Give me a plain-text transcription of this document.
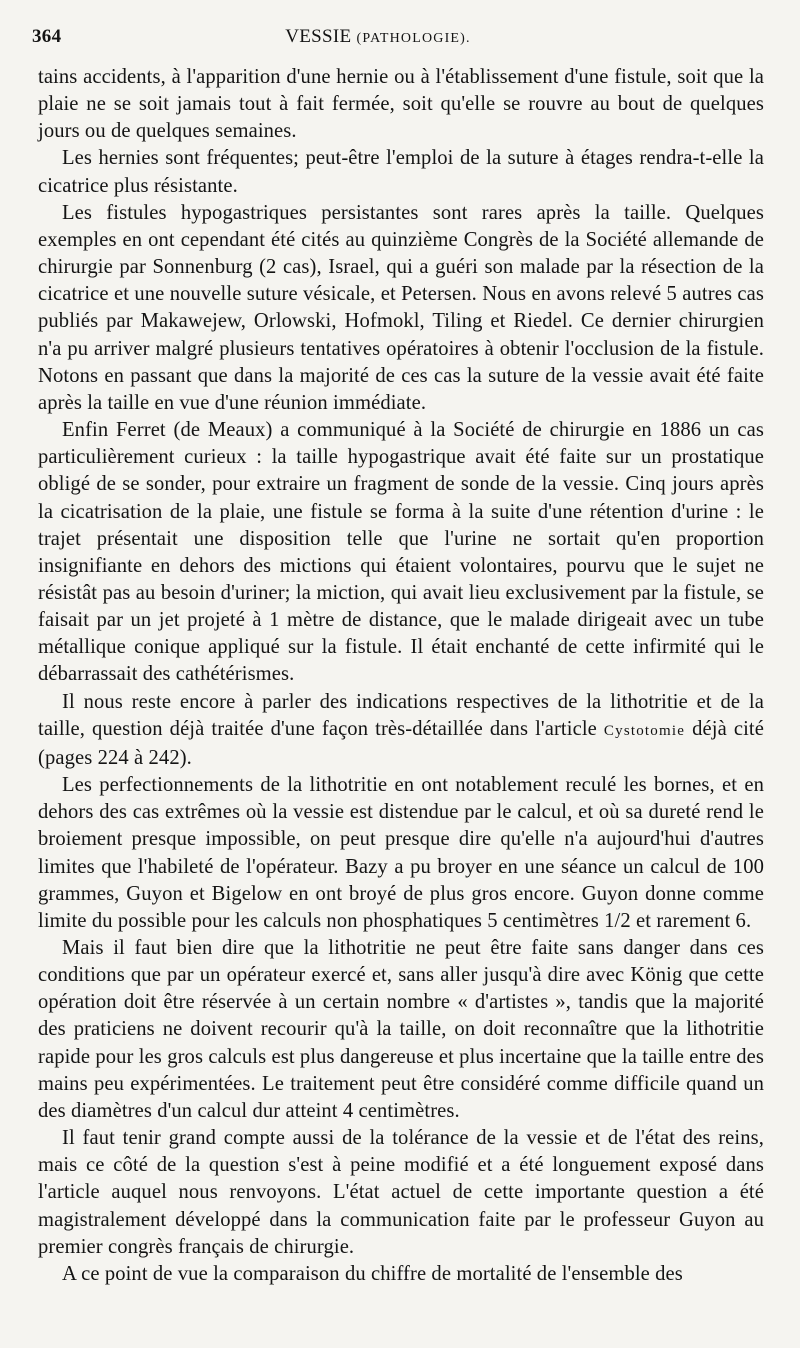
364	VESSIE (PATHOLOGIE).

tains accidents, à l'apparition d'une hernie ou à l'établissement d'une fistule, soit que la plaie ne se soit jamais tout à fait fermée, soit qu'elle se rouvre au bout de quelques jours ou de quelques semaines.

Les hernies sont fréquentes; peut-être l'emploi de la suture à étages rendra-t-elle la cicatrice plus résistante.

Les fistules hypogastriques persistantes sont rares après la taille. Quelques exemples en ont cependant été cités au quinzième Congrès de la Société allemande de chirurgie par Sonnenburg (2 cas), Israel, qui a guéri son malade par la résection de la cicatrice et une nouvelle suture vésicale, et Petersen. Nous en avons relevé 5 autres cas publiés par Makawejew, Orlowski, Hofmokl, Tiling et Riedel. Ce dernier chirurgien n'a pu arriver malgré plusieurs tentatives opératoires à obtenir l'occlusion de la fistule. Notons en passant que dans la majorité de ces cas la suture de la vessie avait été faite après la taille en vue d'une réunion immédiate.

Enfin Ferret (de Meaux) a communiqué à la Société de chirurgie en 1886 un cas particulièrement curieux : la taille hypogastrique avait été faite sur un prostatique obligé de se sonder, pour extraire un fragment de sonde de la vessie. Cinq jours après la cicatrisation de la plaie, une fistule se forma à la suite d'une rétention d'urine : le trajet présentait une disposition telle que l'urine ne sortait qu'en proportion insignifiante en dehors des mictions qui étaient volontaires, pourvu que le sujet ne résistât pas au besoin d'uriner; la miction, qui avait lieu exclusivement par la fistule, se faisait par un jet projeté à 1 mètre de distance, que le malade dirigeait avec un tube métallique conique appliqué sur la fistule. Il était enchanté de cette infirmité qui le débarrassait des cathétérismes.

Il nous reste encore à parler des indications respectives de la lithotritie et de la taille, question déjà traitée d'une façon très-détaillée dans l'article Cystotomie déjà cité (pages 224 à 242).

Les perfectionnements de la lithotritie en ont notablement reculé les bornes, et en dehors des cas extrêmes où la vessie est distendue par le calcul, et où sa dureté rend le broiement presque impossible, on peut presque dire qu'elle n'a aujourd'hui d'autres limites que l'habileté de l'opérateur. Bazy a pu broyer en une séance un calcul de 100 grammes, Guyon et Bigelow en ont broyé de plus gros encore. Guyon donne comme limite du possible pour les calculs non phosphatiques 5 centimètres 1/2 et rarement 6.

Mais il faut bien dire que la lithotritie ne peut être faite sans danger dans ces conditions que par un opérateur exercé et, sans aller jusqu'à dire avec König que cette opération doit être réservée à un certain nombre « d'artistes », tandis que la majorité des praticiens ne doivent recourir qu'à la taille, on doit reconnaître que la lithotritie rapide pour les gros calculs est plus dangereuse et plus incertaine que la taille entre des mains peu expérimentées. Le traitement peut être considéré comme difficile quand un des diamètres d'un calcul dur atteint 4 centimètres.

Il faut tenir grand compte aussi de la tolérance de la vessie et de l'état des reins, mais ce côté de la question s'est à peine modifié et a été longuement exposé dans l'article auquel nous renvoyons. L'état actuel de cette importante question a été magistralement développé dans la communication faite par le professeur Guyon au premier congrès français de chirurgie.

A ce point de vue la comparaison du chiffre de mortalité de l'ensemble des
